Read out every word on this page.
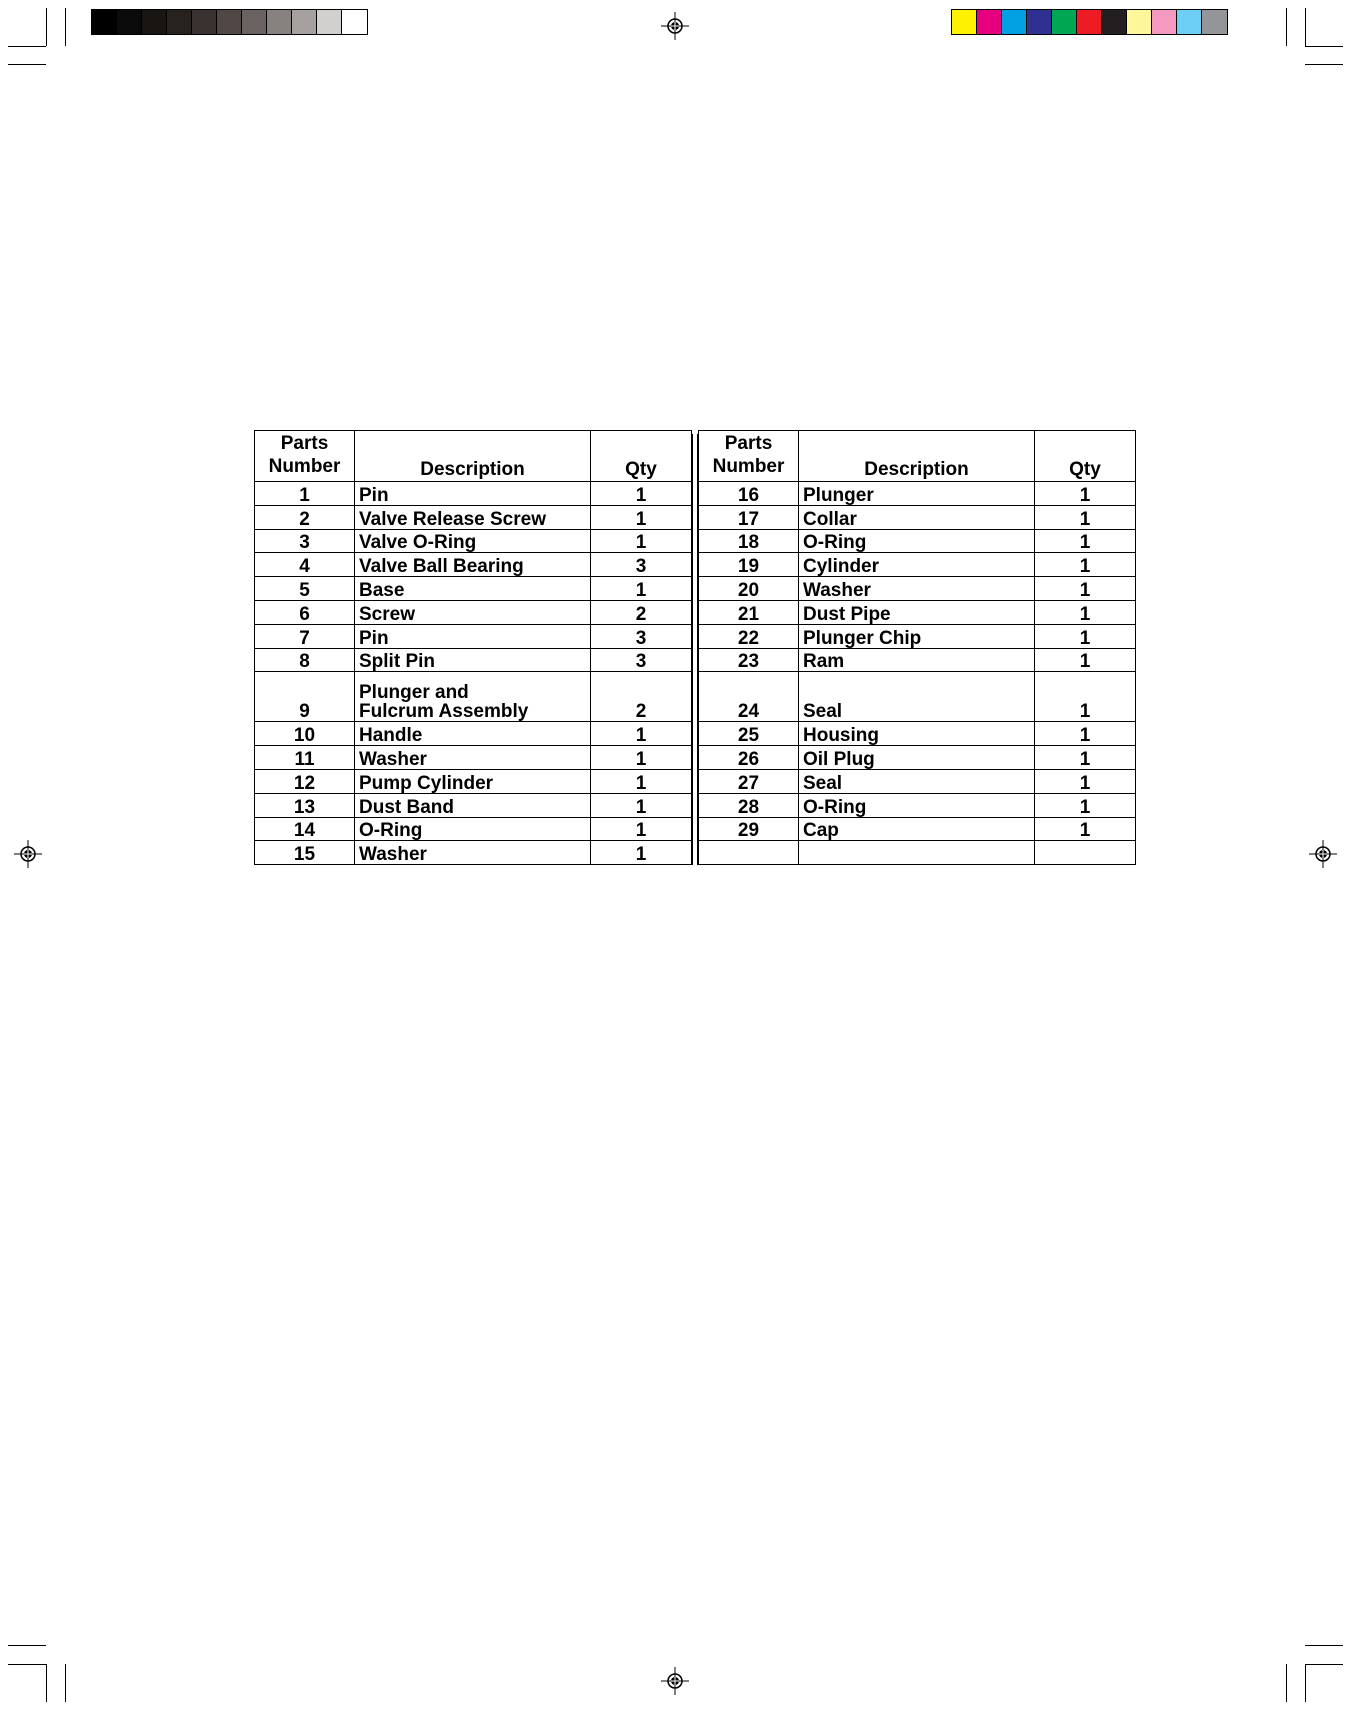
Parts
Number	Description	Qty
1	Pin	1
2	Valve Release Screw	1
3	Valve O-Ring	1
4	Valve Ball Bearing	3
5	Base	1
6	Screw	2
7	Pin	3
8	Split Pin	3
9	Plunger and
Fulcrum Assembly	2
10	Handle	1
11	Washer	1
12	Pump Cylinder	1
13	Dust Band	1
14	O-Ring	1
15	Washer	1
Parts
Number	Description	Qty
16	Plunger	1
17	Collar	1
18	O-Ring	1
19	Cylinder	1
20	Washer	1
21	Dust Pipe	1
22	Plunger Chip	1
23	Ram	1
24	Seal	1
25	Housing	1
26	Oil Plug	1
27	Seal	1
28	O-Ring	1
29	Cap	1
